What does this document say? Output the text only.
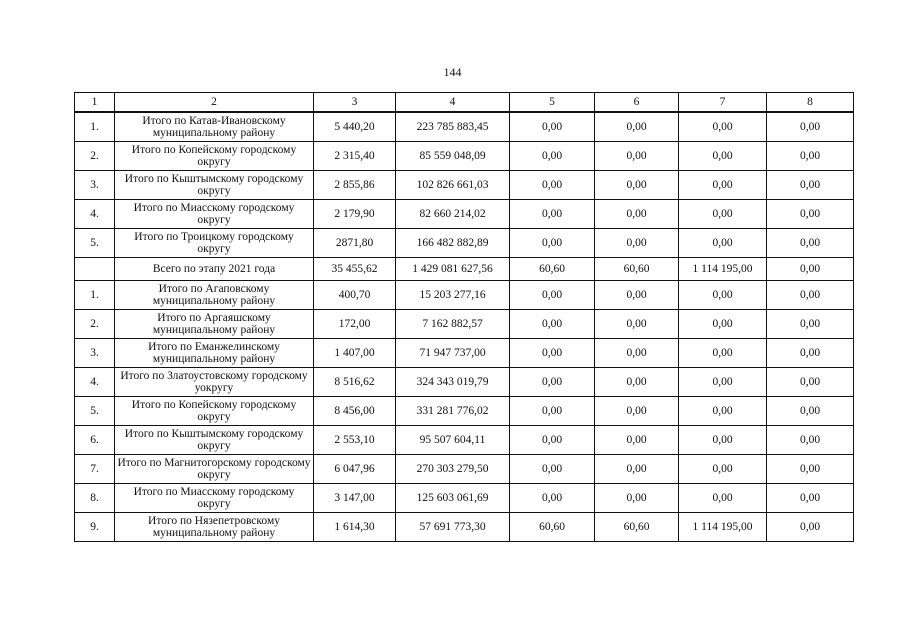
144
1	2	3	4	5	6	7	8
1.	Итого по Катав-Ивановскому муниципальному району	5 440,20	223 785 883,45	0,00	0,00	0,00	0,00
2.	Итого по Копейскому городскому округу	2 315,40	85 559 048,09	0,00	0,00	0,00	0,00
3.	Итого по Кыштымскому городскому округу	2 855,86	102 826 661,03	0,00	0,00	0,00	0,00
4.	Итого по Миасскому городскому округу	2 179,90	82 660 214,02	0,00	0,00	0,00	0,00
5.	Итого по Троицкому городскому округу	2871,80	166 482 882,89	0,00	0,00	0,00	0,00
	Всего по этапу 2021 года	35 455,62	1 429 081 627,56	60,60	60,60	1 114 195,00	0,00
1.	Итого по Агаповскому муниципальному району	400,70	15 203 277,16	0,00	0,00	0,00	0,00
2.	Итого по Аргаяшскому муниципальному району	172,00	7 162 882,57	0,00	0,00	0,00	0,00
3.	Итого по Еманжелинскому муниципальному району	1 407,00	71 947 737,00	0,00	0,00	0,00	0,00
4.	Итого по Златоустовскому городскому уокругу	8 516,62	324 343 019,79	0,00	0,00	0,00	0,00
5.	Итого по Копейскому городскому округу	8 456,00	331 281 776,02	0,00	0,00	0,00	0,00
6.	Итого по Кыштымскому городскому округу	2 553,10	95 507 604,11	0,00	0,00	0,00	0,00
7.	Итого по Магнитогорскому городскому округу	6 047,96	270 303 279,50	0,00	0,00	0,00	0,00
8.	Итого по Миасскому городскому округу	3 147,00	125 603 061,69	0,00	0,00	0,00	0,00
9.	Итого по Нязепетровскому муниципальному району	1 614,30	57 691 773,30	60,60	60,60	1 114 195,00	0,00
